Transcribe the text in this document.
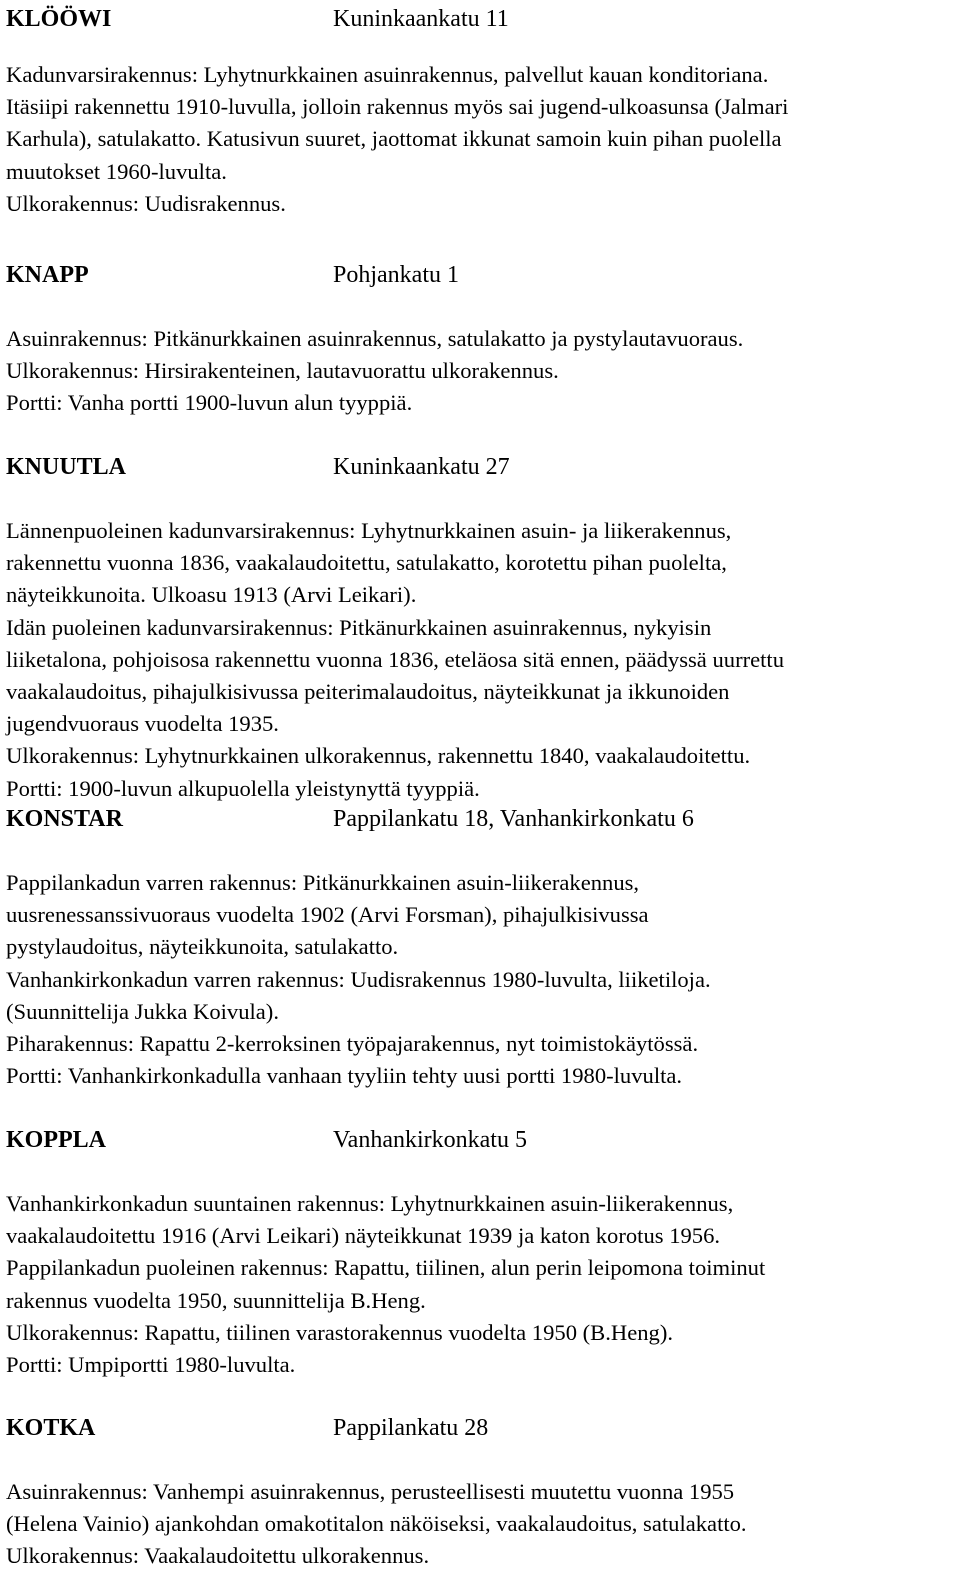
KLÖÖWI	Kuninkaankatu 11
Kadunvarsirakennus: Lyhytnurkkainen asuinrakennus, palvellut kauan konditoriana.
Itäsiipi rakennettu 1910-luvulla, jolloin rakennus myös sai jugend-ulkoasunsa (Jalmari
Karhula), satulakatto. Katusivun suuret, jaottomat ikkunat samoin kuin pihan puolella
muutokset 1960-luvulta.
Ulkorakennus: Uudisrakennus.
KNAPP	Pohjankatu 1
Asuinrakennus: Pitkänurkkainen asuinrakennus, satulakatto ja pystylautavuoraus.
Ulkorakennus: Hirsirakenteinen, lautavuorattu ulkorakennus.
Portti: Vanha portti 1900-luvun alun tyyppiä.
KNUUTLA	Kuninkaankatu 27
Lännenpuoleinen kadunvarsirakennus: Lyhytnurkkainen asuin- ja liikerakennus,
rakennettu vuonna 1836, vaakalaudoitettu, satulakatto, korotettu pihan puolelta,
näyteikkunoita. Ulkoasu 1913 (Arvi Leikari).
Idän puoleinen kadunvarsirakennus: Pitkänurkkainen asuinrakennus, nykyisin
liiketalona, pohjoisosa rakennettu vuonna 1836, eteläosa sitä ennen, päädyssä uurrettu
vaakalaudoitus, pihajulkisivussa peiterimalaudoitus, näyteikkunat ja ikkunoiden
jugendvuoraus vuodelta 1935.
Ulkorakennus: Lyhytnurkkainen ulkorakennus, rakennettu 1840, vaakalaudoitettu.
Portti: 1900-luvun alkupuolella yleistynyttä tyyppiä.
KONSTAR	Pappilankatu 18, Vanhankirkonkatu 6
Pappilankadun varren rakennus: Pitkänurkkainen asuin-liikerakennus,
uusrenessanssivuoraus vuodelta 1902 (Arvi Forsman), pihajulkisivussa
pystylaudoitus, näyteikkunoita, satulakatto.
Vanhankirkonkadun varren rakennus: Uudisrakennus 1980-luvulta, liiketiloja.
(Suunnittelija Jukka Koivula).
Piharakennus: Rapattu 2-kerroksinen työpajarakennus, nyt toimistokäytössä.
Portti: Vanhankirkonkadulla vanhaan tyyliin tehty uusi portti 1980-luvulta.
KOPPLA	Vanhankirkonkatu 5
Vanhankirkonkadun suuntainen rakennus: Lyhytnurkkainen asuin-liikerakennus,
vaakalaudoitettu 1916 (Arvi Leikari) näyteikkunat 1939 ja katon korotus 1956.
Pappilankadun puoleinen rakennus: Rapattu, tiilinen, alun perin leipomona toiminut
rakennus vuodelta 1950, suunnittelija B.Heng.
Ulkorakennus: Rapattu, tiilinen varastorakennus vuodelta 1950 (B.Heng).
Portti: Umpiportti 1980-luvulta.
KOTKA	Pappilankatu 28
Asuinrakennus: Vanhempi asuinrakennus, perusteellisesti muutettu vuonna 1955
(Helena Vainio) ajankohdan omakotitalon näköiseksi, vaakalaudoitus, satulakatto.
Ulkorakennus: Vaakalaudoitettu ulkorakennus.
